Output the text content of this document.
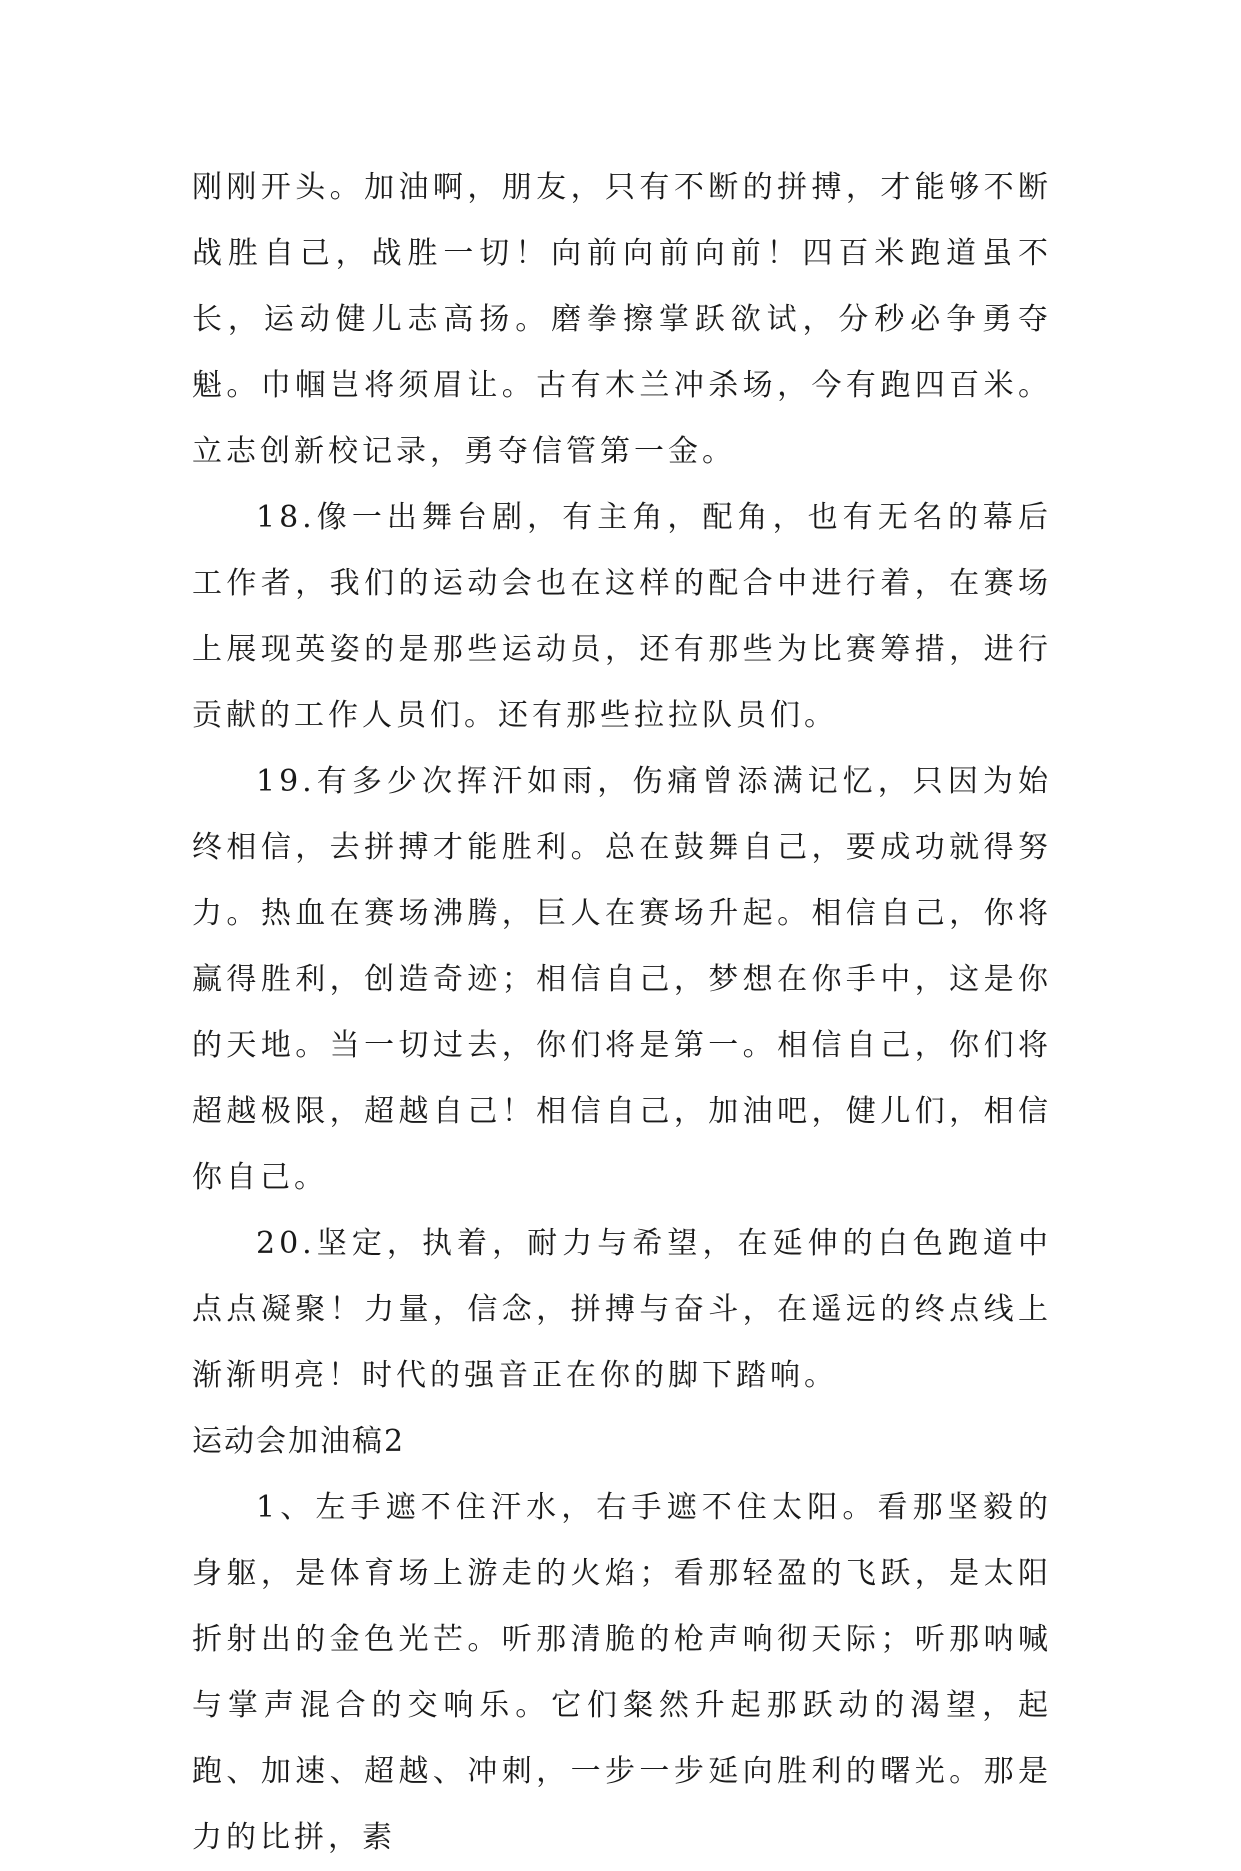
刚刚开头。加油啊，朋友，只有不断的拼搏，才能够不断战胜自己，战胜一切！向前向前向前！四百米跑道虽不长，运动健儿志高扬。磨拳擦掌跃欲试，分秒必争勇夺魁。巾帼岂将须眉让。古有木兰冲杀场，今有跑四百米。立志创新校记录，勇夺信管第一金。

18.像一出舞台剧，有主角，配角，也有无名的幕后工作者，我们的运动会也在这样的配合中进行着，在赛场上展现英姿的是那些运动员，还有那些为比赛筹措，进行贡献的工作人员们。还有那些拉拉队员们。

19.有多少次挥汗如雨，伤痛曾添满记忆，只因为始终相信，去拼搏才能胜利。总在鼓舞自己，要成功就得努力。热血在赛场沸腾，巨人在赛场升起。相信自己，你将赢得胜利，创造奇迹；相信自己，梦想在你手中，这是你的天地。当一切过去，你们将是第一。相信自己，你们将超越极限，超越自己！相信自己，加油吧，健儿们，相信你自己。

20.坚定，执着，耐力与希望，在延伸的白色跑道中点点凝聚！力量，信念，拼搏与奋斗，在遥远的终点线上渐渐明亮！时代的强音正在你的脚下踏响。

运动会加油稿2

1、左手遮不住汗水，右手遮不住太阳。看那坚毅的身躯，是体育场上游走的火焰；看那轻盈的飞跃，是太阳折射出的金色光芒。听那清脆的枪声响彻天际；听那呐喊与掌声混合的交响乐。它们粲然升起那跃动的渴望，起跑、加速、超越、冲刺，一步一步延向胜利的曙光。那是力的比拼，素
